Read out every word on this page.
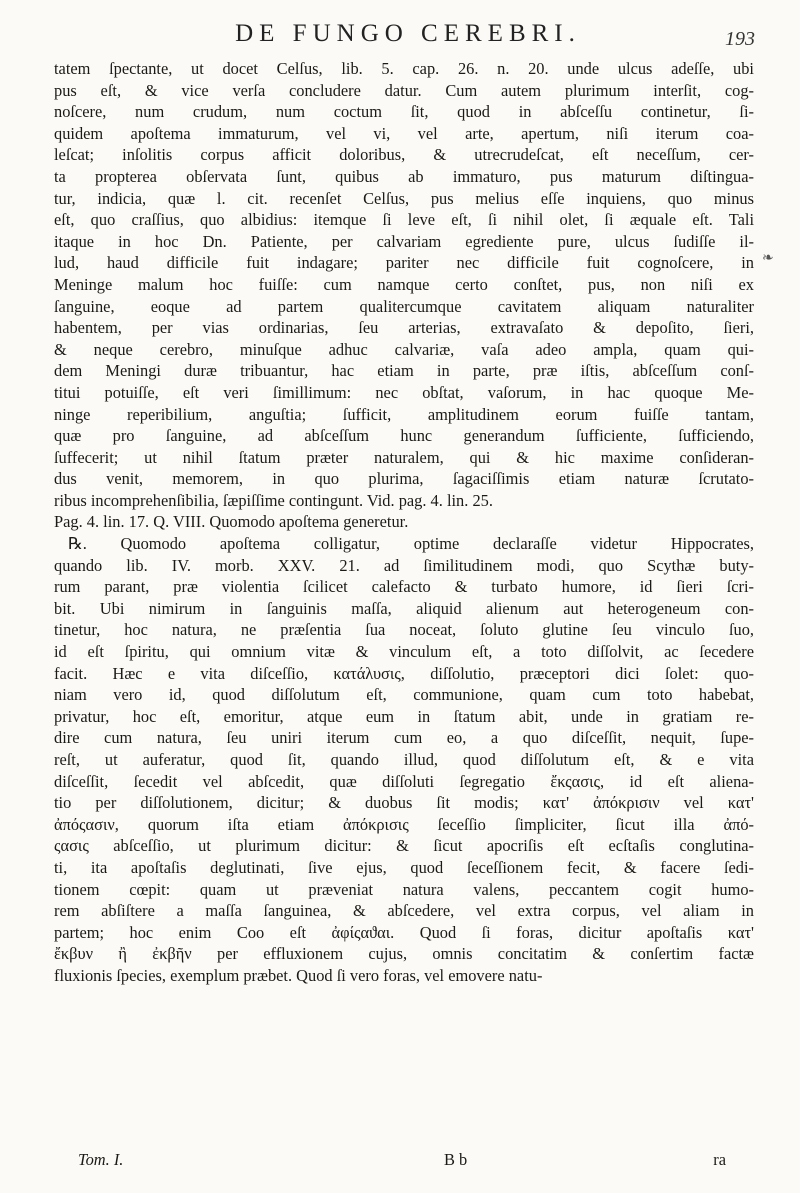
DE FUNGO CEREBRI.	193
❧
tatem ſpectante, ut docet Celſus, lib. 5. cap. 26. n. 20. unde ulcus adeſſe, ubi
pus eſt, & vice verſa concludere datur. Cum autem plurimum interſit, cog-
noſcere, num crudum, num coctum ſit, quod in abſceſſu continetur, ſi-
quidem apoſtema immaturum, vel vi, vel arte, apertum, niſi iterum coa-
leſcat; inſolitis corpus afficit doloribus, & utrecrudeſcat, eſt neceſſum, cer-
ta propterea obſervata ſunt, quibus ab immaturo, pus maturum diſtingua-
tur, indicia, quæ l. cit. recenſet Celſus, pus melius eſſe inquiens, quo minus
eſt, quo craſſius, quo albidius: itemque ſi leve eſt, ſi nihil olet, ſi æquale eſt. Tali
itaque in hoc Dn. Patiente, per calvariam egrediente pure, ulcus ſudiſſe il-
lud, haud difficile fuit indagare; pariter nec difficile fuit cognoſcere, in
Meninge malum hoc fuiſſe: cum namque certo conſtet, pus, non niſi ex
ſanguine, eoque ad partem qualitercumque cavitatem aliquam naturaliter
habentem, per vias ordinarias, ſeu arterias, extravaſato & depoſito, ſieri,
& neque cerebro, minuſque adhuc calvariæ, vaſa adeo ampla, quam qui-
dem Meningi duræ tribuantur, hac etiam in parte, præ iſtis, abſceſſum conſ-
titui potuiſſe, eſt veri ſimillimum: nec obſtat, vaſorum, in hac quoque Me-
ninge reperibilium, anguſtia; ſufficit, amplitudinem eorum fuiſſe tantam,
quæ pro ſanguine, ad abſceſſum hunc generandum ſufficiente, ſufficiendo,
ſuffecerit; ut nihil ſtatum præter naturalem, qui & hic maxime conſideran-
dus venit, memorem, in quo plurima, ſagaciſſimis etiam naturæ ſcrutato-
ribus incomprehenſibilia, ſæpiſſime contingunt. Vid. pag. 4. lin. 25.
Pag. 4. lin. 17. Q. VIII. Quomodo apoſtema generetur.
℞. Quomodo apoſtema colligatur, optime declaraſſe videtur Hippocrates,
quando lib. IV. morb. XXV. 21. ad ſimilitudinem modi, quo Scythæ buty-
rum parant, præ violentia ſcilicet calefacto & turbato humore, id ſieri ſcri-
bit. Ubi nimirum in ſanguinis maſſa, aliquid alienum aut heterogeneum con-
tinetur, hoc natura, ne præſentia ſua noceat, ſoluto glutine ſeu vinculo ſuo,
id eſt ſpiritu, qui omnium vitæ & vinculum eſt, a toto diſſolvit, ac ſecedere
facit. Hæc e vita diſceſſio, κατάλυσις, diſſolutio, præceptori dici ſolet: quo-
niam vero id, quod diſſolutum eſt, communione, quam cum toto habebat,
privatur, hoc eſt, emoritur, atque eum in ſtatum abit, unde in gratiam re-
dire cum natura, ſeu uniri iterum cum eo, a quo diſceſſit, nequit, ſupe-
reſt, ut auferatur, quod ſit, quando illud, quod diſſolutum eſt, & e vita
diſceſſit, ſecedit vel abſcedit, quæ diſſoluti ſegregatio ἔκςασις, id eſt aliena-
tio per diſſolutionem, dicitur; & duobus ſit modis; κατ' ἀπόκρισιν vel κατ'
ἀπόςασιν, quorum iſta etiam ἀπόκρισις ſeceſſio ſimpliciter, ſicut illa ἀπό-
ςασις abſceſſio, ut plurimum dicitur: & ſicut apocriſis eſt ecſtaſis conglutina-
ti, ita apoſtaſis deglutinati, ſive ejus, quod ſeceſſionem fecit, & facere ſedi-
tionem cœpit: quam ut præveniat natura valens, peccantem cogit humo-
rem abſiſtere a maſſa ſanguinea, & abſcedere, vel extra corpus, vel aliam in
partem; hoc enim Coo eſt ἀφίςαϑαι. Quod ſi foras, dicitur apoſtaſis κατ'
ἔκβυν ἢ ἐκβῆν per effluxionem cujus, omnis concitatim & conſertim factæ
fluxionis ſpecies, exemplum præbet. Quod ſi vero foras, vel emovere natu-
Tom. I.	B b	ra
